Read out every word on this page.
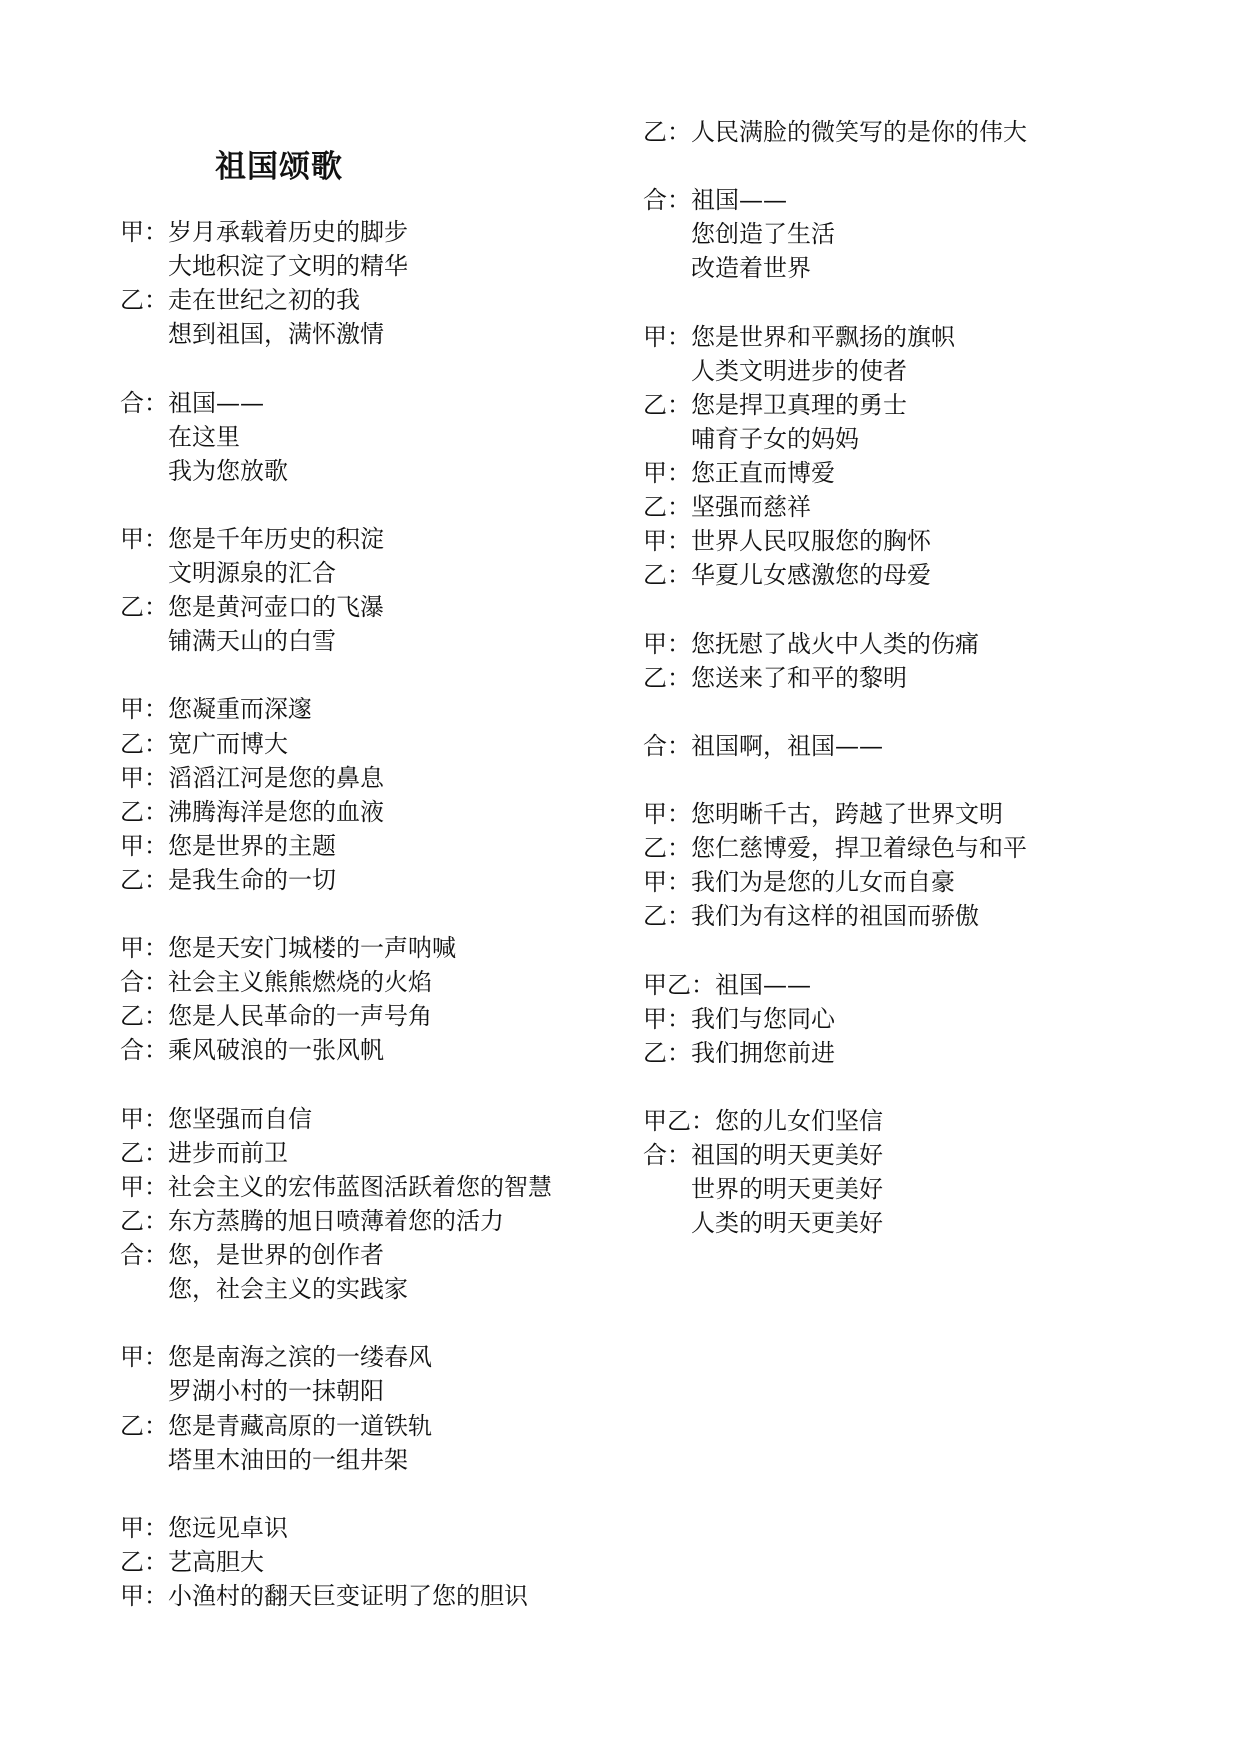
祖国颂歌
甲：岁月承载着历史的脚步
大地积淀了文明的精华
乙：走在世纪之初的我
想到祖国，满怀激情
合：祖国——
在这里
我为您放歌
甲：您是千年历史的积淀
文明源泉的汇合
乙：您是黄河壶口的飞瀑
铺满天山的白雪
甲：您凝重而深邃
乙：宽广而博大
甲：滔滔江河是您的鼻息
乙：沸腾海洋是您的血液
甲：您是世界的主题
乙：是我生命的一切
甲：您是天安门城楼的一声呐喊
合：社会主义熊熊燃烧的火焰
乙：您是人民革命的一声号角
合：乘风破浪的一张风帆
甲：您坚强而自信
乙：进步而前卫
甲：社会主义的宏伟蓝图活跃着您的智慧
乙：东方蒸腾的旭日喷薄着您的活力
合：您，是世界的创作者
您，社会主义的实践家
甲：您是南海之滨的一缕春风
罗湖小村的一抹朝阳
乙：您是青藏高原的一道铁轨
塔里木油田的一组井架
甲：您远见卓识
乙：艺高胆大
甲：小渔村的翻天巨变证明了您的胆识
乙：人民满脸的微笑写的是你的伟大
合：祖国——
您创造了生活
改造着世界
甲：您是世界和平飘扬的旗帜
人类文明进步的使者
乙：您是捍卫真理的勇士
哺育子女的妈妈
甲：您正直而博爱
乙：坚强而慈祥
甲：世界人民叹服您的胸怀
乙：华夏儿女感激您的母爱
甲：您抚慰了战火中人类的伤痛
乙：您送来了和平的黎明
合：祖国啊，祖国——
甲：您明晰千古，跨越了世界文明
乙：您仁慈博爱，捍卫着绿色与和平
甲：我们为是您的儿女而自豪
乙：我们为有这样的祖国而骄傲
甲乙：祖国——
甲：我们与您同心
乙：我们拥您前进
甲乙：您的儿女们坚信
合：祖国的明天更美好
世界的明天更美好
人类的明天更美好
